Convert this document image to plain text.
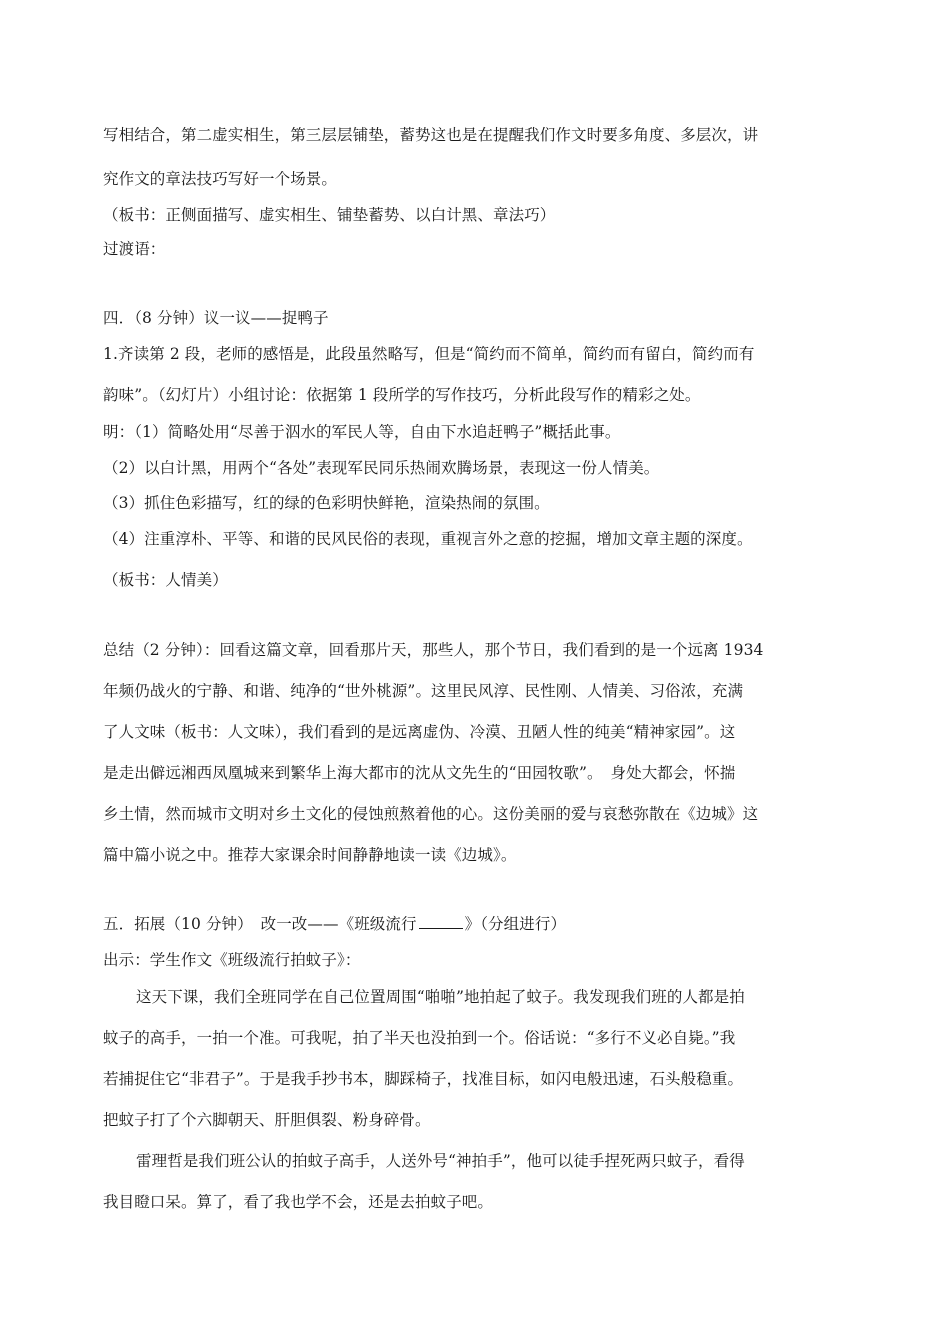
写相结合，第二虚实相生，第三层层铺垫，蓄势这也是在提醒我们作文时要多角度、多层次，讲
究作文的章法技巧写好一个场景。
（板书：正侧面描写、虚实相生、铺垫蓄势、以白计黑、章法巧）
过渡语：
四．（8 分钟）议一议——捉鸭子
1.齐读第 2 段，老师的感悟是，此段虽然略写，但是“简约而不简单，简约而有留白，简约而有
韵味”。（幻灯片）小组讨论：依据第 1 段所学的写作技巧，分析此段写作的精彩之处。
明：（1）简略处用“尽善于泅水的军民人等，自由下水追赶鸭子”概括此事。
（2）以白计黑，用两个“各处”表现军民同乐热闹欢腾场景，表现这一份人情美。
（3）抓住色彩描写，红的绿的色彩明快鲜艳，渲染热闹的氛围。
（4）注重淳朴、平等、和谐的民风民俗的表现，重视言外之意的挖掘，增加文章主题的深度。
（板书：人情美）
总结（2 分钟）：回看这篇文章，回看那片天，那些人，那个节日，我们看到的是一个远离 1934
年频仍战火的宁静、和谐、纯净的“世外桃源”。这里民风淳、民性刚、人情美、习俗浓，充满
了人文味（板书：人文味），我们看到的是远离虚伪、冷漠、丑陋人性的纯美“精神家园”。这
是走出僻远湘西凤凰城来到繁华上海大都市的沈从文先生的“田园牧歌”。　身处大都会，怀揣
乡土情，然而城市文明对乡土文化的侵蚀煎熬着他的心。这份美丽的爱与哀愁弥散在《边城》这
篇中篇小说之中。推荐大家课余时间静静地读一读《边城》。
五．拓展（10 分钟）　改一改——《班级流行	》（分组进行）
出示：学生作文《班级流行拍蚊子》：
这天下课，我们全班同学在自己位置周围“啪啪”地拍起了蚊子。我发现我们班的人都是拍
蚊子的高手，一拍一个准。可我呢，拍了半天也没拍到一个。俗话说：“多行不义必自毙。”我
若捕捉住它“非君子”。于是我手抄书本，脚踩椅子，找准目标，如闪电般迅速，石头般稳重。
把蚊子打了个六脚朝天、肝胆俱裂、粉身碎骨。
雷理哲是我们班公认的拍蚊子高手，人送外号“神拍手”，他可以徒手捏死两只蚊子，看得
我目瞪口呆。算了，看了我也学不会，还是去拍蚊子吧。
